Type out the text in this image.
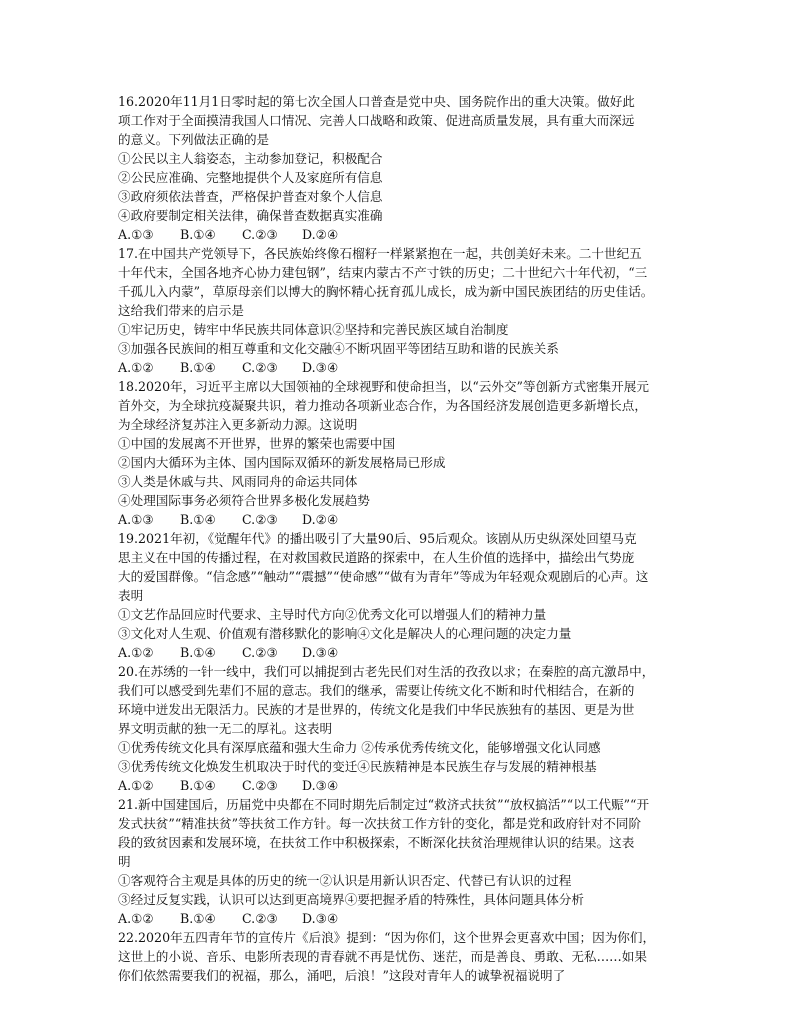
16.2020年11月1日零时起的第七次全国人口普查是党中央、国务院作出的重大决策。做好此
项工作对于全面摸清我国人口情况、完善人口战略和政策、促进高质量发展，具有重大而深远
的意义。下列做法正确的是
①公民以主人翁姿态，主动参加登记，积极配合
②公民应准确、完整地提供个人及家庭所有信息
③政府须依法普查，严格保护普查对象个人信息
④政府要制定相关法律，确保普查数据真实准确
A.①③	B.①④	C.②③	D.②④
17.在中国共产党领导下，各民族始终像石榴籽一样紧紧抱在一起，共创美好未来。二十世纪五
十年代末，全国各地齐心协力建包钢”，结束内蒙古不产寸铁的历史；二十世纪六十年代初，“三
千孤儿入内蒙”，草原母亲们以博大的胸怀精心抚育孤儿成长，成为新中国民族团结的历史佳话。
这给我们带来的启示是
①牢记历史，铸牢中华民族共同体意识②坚持和完善民族区域自治制度
③加强各民族间的相互尊重和文化交融④不断巩固平等团结互助和谐的民族关系
A.①②	B.①④	C.②③	D.③④
18.2020年，习近平主席以大国领袖的全球视野和使命担当，以“云外交”等创新方式密集开展元
首外交，为全球抗疫凝聚共识，着力推动各项新业态合作，为各国经济发展创造更多新增长点，
为全球经济复苏注入更多新动力源。这说明
①中国的发展离不开世界，世界的繁荣也需要中国
②国内大循环为主体、国内国际双循环的新发展格局已形成
③人类是休戚与共、风雨同舟的命运共同体
④处理国际事务必须符合世界多极化发展趋势
A.①③	B.①④	C.②③	D.②④
19.2021年初，《觉醒年代》的播出吸引了大量90后、95后观众。该剧从历史纵深处回望马克
思主义在中国的传播过程，在对救国救民道路的探索中，在人生价值的选择中，描绘出气势庞
大的爱国群像。“信念感”“触动”“震撼”“使命感”“做有为青年”等成为年轻观众观剧后的心声。这
表明
①文艺作品回应时代要求、主导时代方向②优秀文化可以增强人们的精神力量
③文化对人生观、价值观有潜移默化的影响④文化是解决人的心理问题的决定力量
A.①②	B.①④	C.②③	D.③④
20.在苏绣的一针一线中，我们可以捕捉到古老先民们对生活的孜孜以求；在秦腔的高亢激昂中，
我们可以感受到先辈们不屈的意志。我们的继承，需要让传统文化不断和时代相结合，在新的
环境中迸发出无限活力。民族的才是世界的，传统文化是我们中华民族独有的基因、更是为世
界文明贡献的独一无二的厚礼。这表明
①优秀传统文化具有深厚底蕴和强大生命力 ②传承优秀传统文化，能够增强文化认同感
③优秀传统文化焕发生机取决于时代的变迁④民族精神是本民族生存与发展的精神根基
A.①②	B.①④	C.②③	D.③④
21.新中国建国后，历届党中央都在不同时期先后制定过“救济式扶贫”“放权搞活”“以工代赈”“开
发式扶贫”“精准扶贫”等扶贫工作方针。每一次扶贫工作方针的变化，都是党和政府针对不同阶
段的致贫因素和发展环境，在扶贫工作中积极探索，不断深化扶贫治理规律认识的结果。这表
明
①客观符合主观是具体的历史的统一②认识是用新认识否定、代替已有认识的过程
③经过反复实践，认识可以达到更高境界④要把握矛盾的特殊性，具体问题具体分析
A.①②	B.①④	C.②③	D.③④
22.2020年五四青年节的宣传片《后浪》提到：“因为你们，这个世界会更喜欢中国；因为你们，
这世上的小说、音乐、电影所表现的青春就不再是忧伤、迷茫，而是善良、勇敢、无私……如果
你们依然需要我们的祝福，那么，涌吧，后浪！”这段对青年人的诚挚祝福说明了
